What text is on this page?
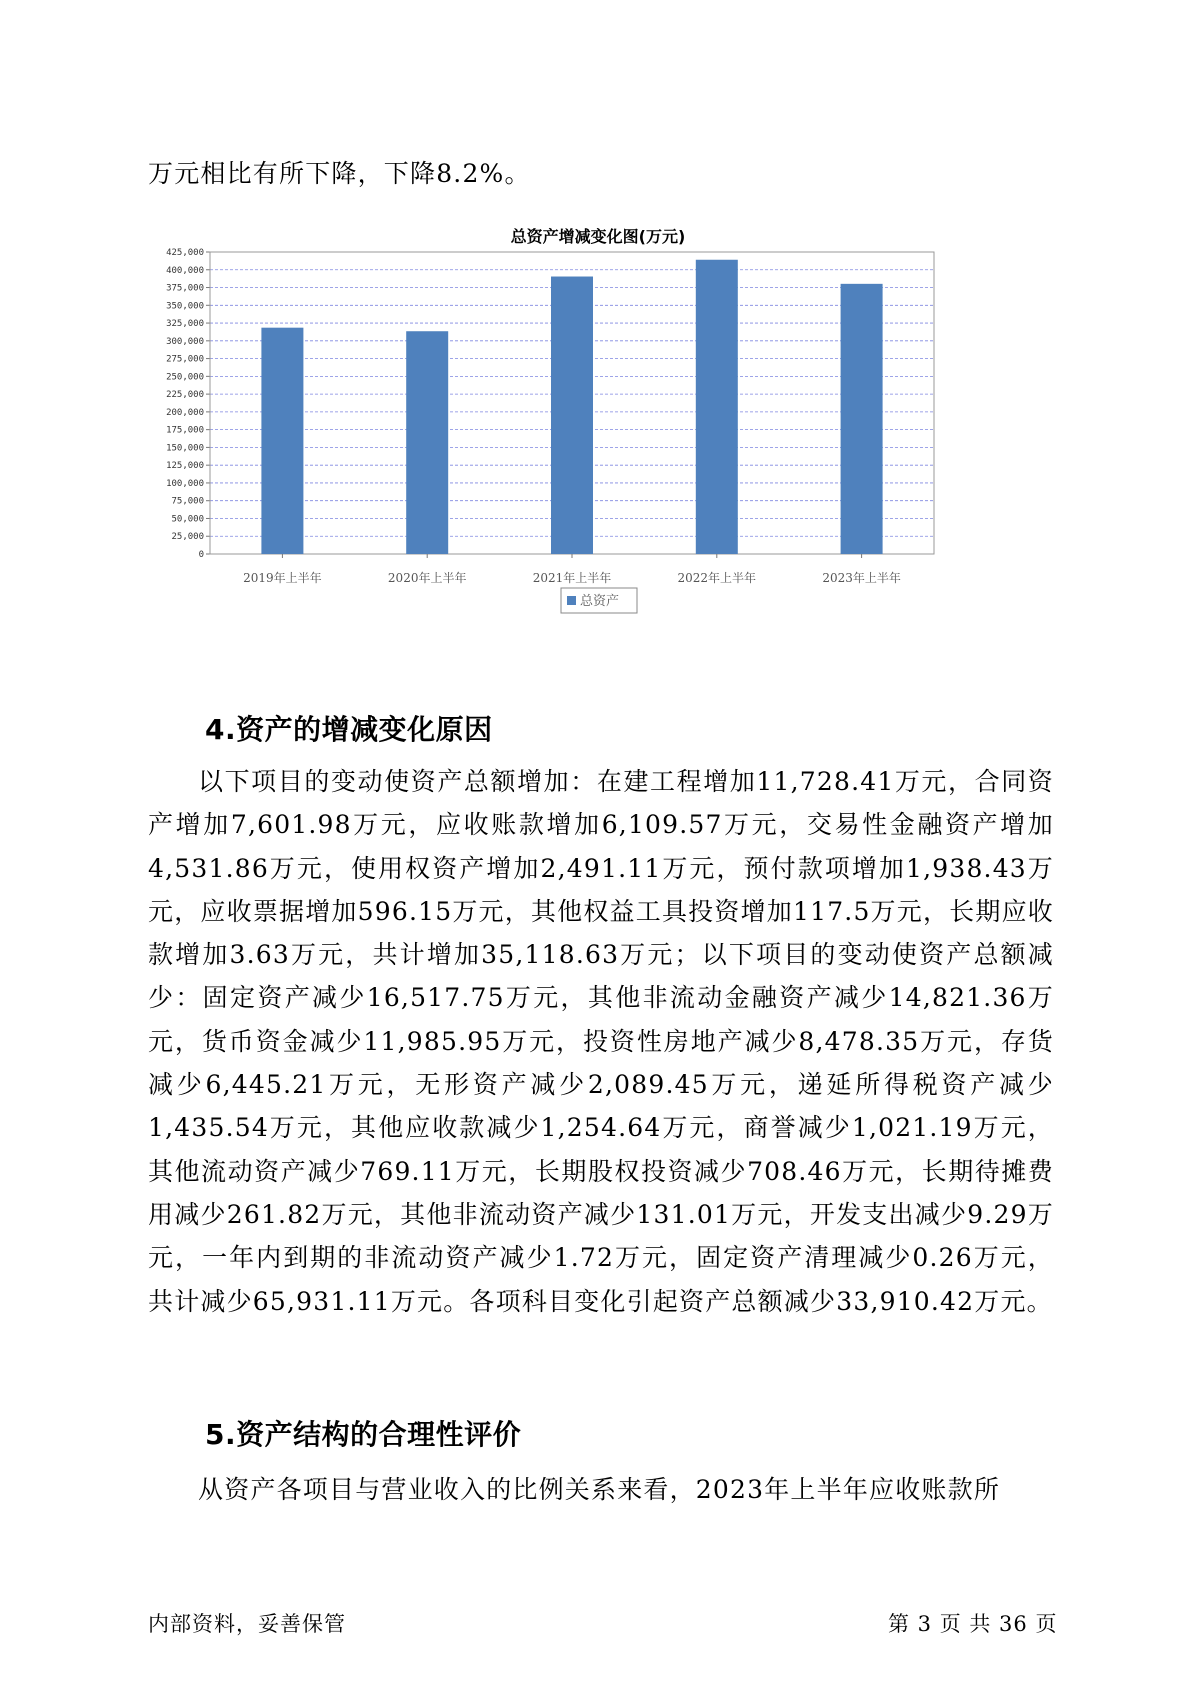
万元相比有所下降，下降8.2%。

总资产增减变化图(万元)
0
25,000
50,000
75,000
100,000
125,000
150,000
175,000
200,000
225,000
250,000
275,000
300,000
325,000
350,000
375,000
400,000
425,000
2019年上半年	2020年上半年	2021年上半年	2022年上半年	2023年上半年
总资产
4.资产的增减变化原因

以下项目的变动使资产总额增加：在建工程增加11,728.41万元，合同资产增加7,601.98万元，应收账款增加6,109.57万元，交易性金融资产增加4,531.86万元，使用权资产增加2,491.11万元，预付款项增加1,938.43万元，应收票据增加596.15万元，其他权益工具投资增加117.5万元，长期应收款增加3.63万元，共计增加35,118.63万元；以下项目的变动使资产总额减少：固定资产减少16,517.75万元，其他非流动金融资产减少14,821.36万元，货币资金减少11,985.95万元，投资性房地产减少8,478.35万元，存货减少6,445.21万元，无形资产减少2,089.45万元，递延所得税资产减少1,435.54万元，其他应收款减少1,254.64万元，商誉减少1,021.19万元，其他流动资产减少769.11万元，长期股权投资减少708.46万元，长期待摊费用减少261.82万元，其他非流动资产减少131.01万元，开发支出减少9.29万元，一年内到期的非流动资产减少1.72万元，固定资产清理减少0.26万元，共计减少65,931.11万元。各项科目变化引起资产总额减少33,910.42万元。

5.资产结构的合理性评价

从资产各项目与营业收入的比例关系来看，2023年上半年应收账款所

内部资料，妥善保管	第 3 页 共 36 页
